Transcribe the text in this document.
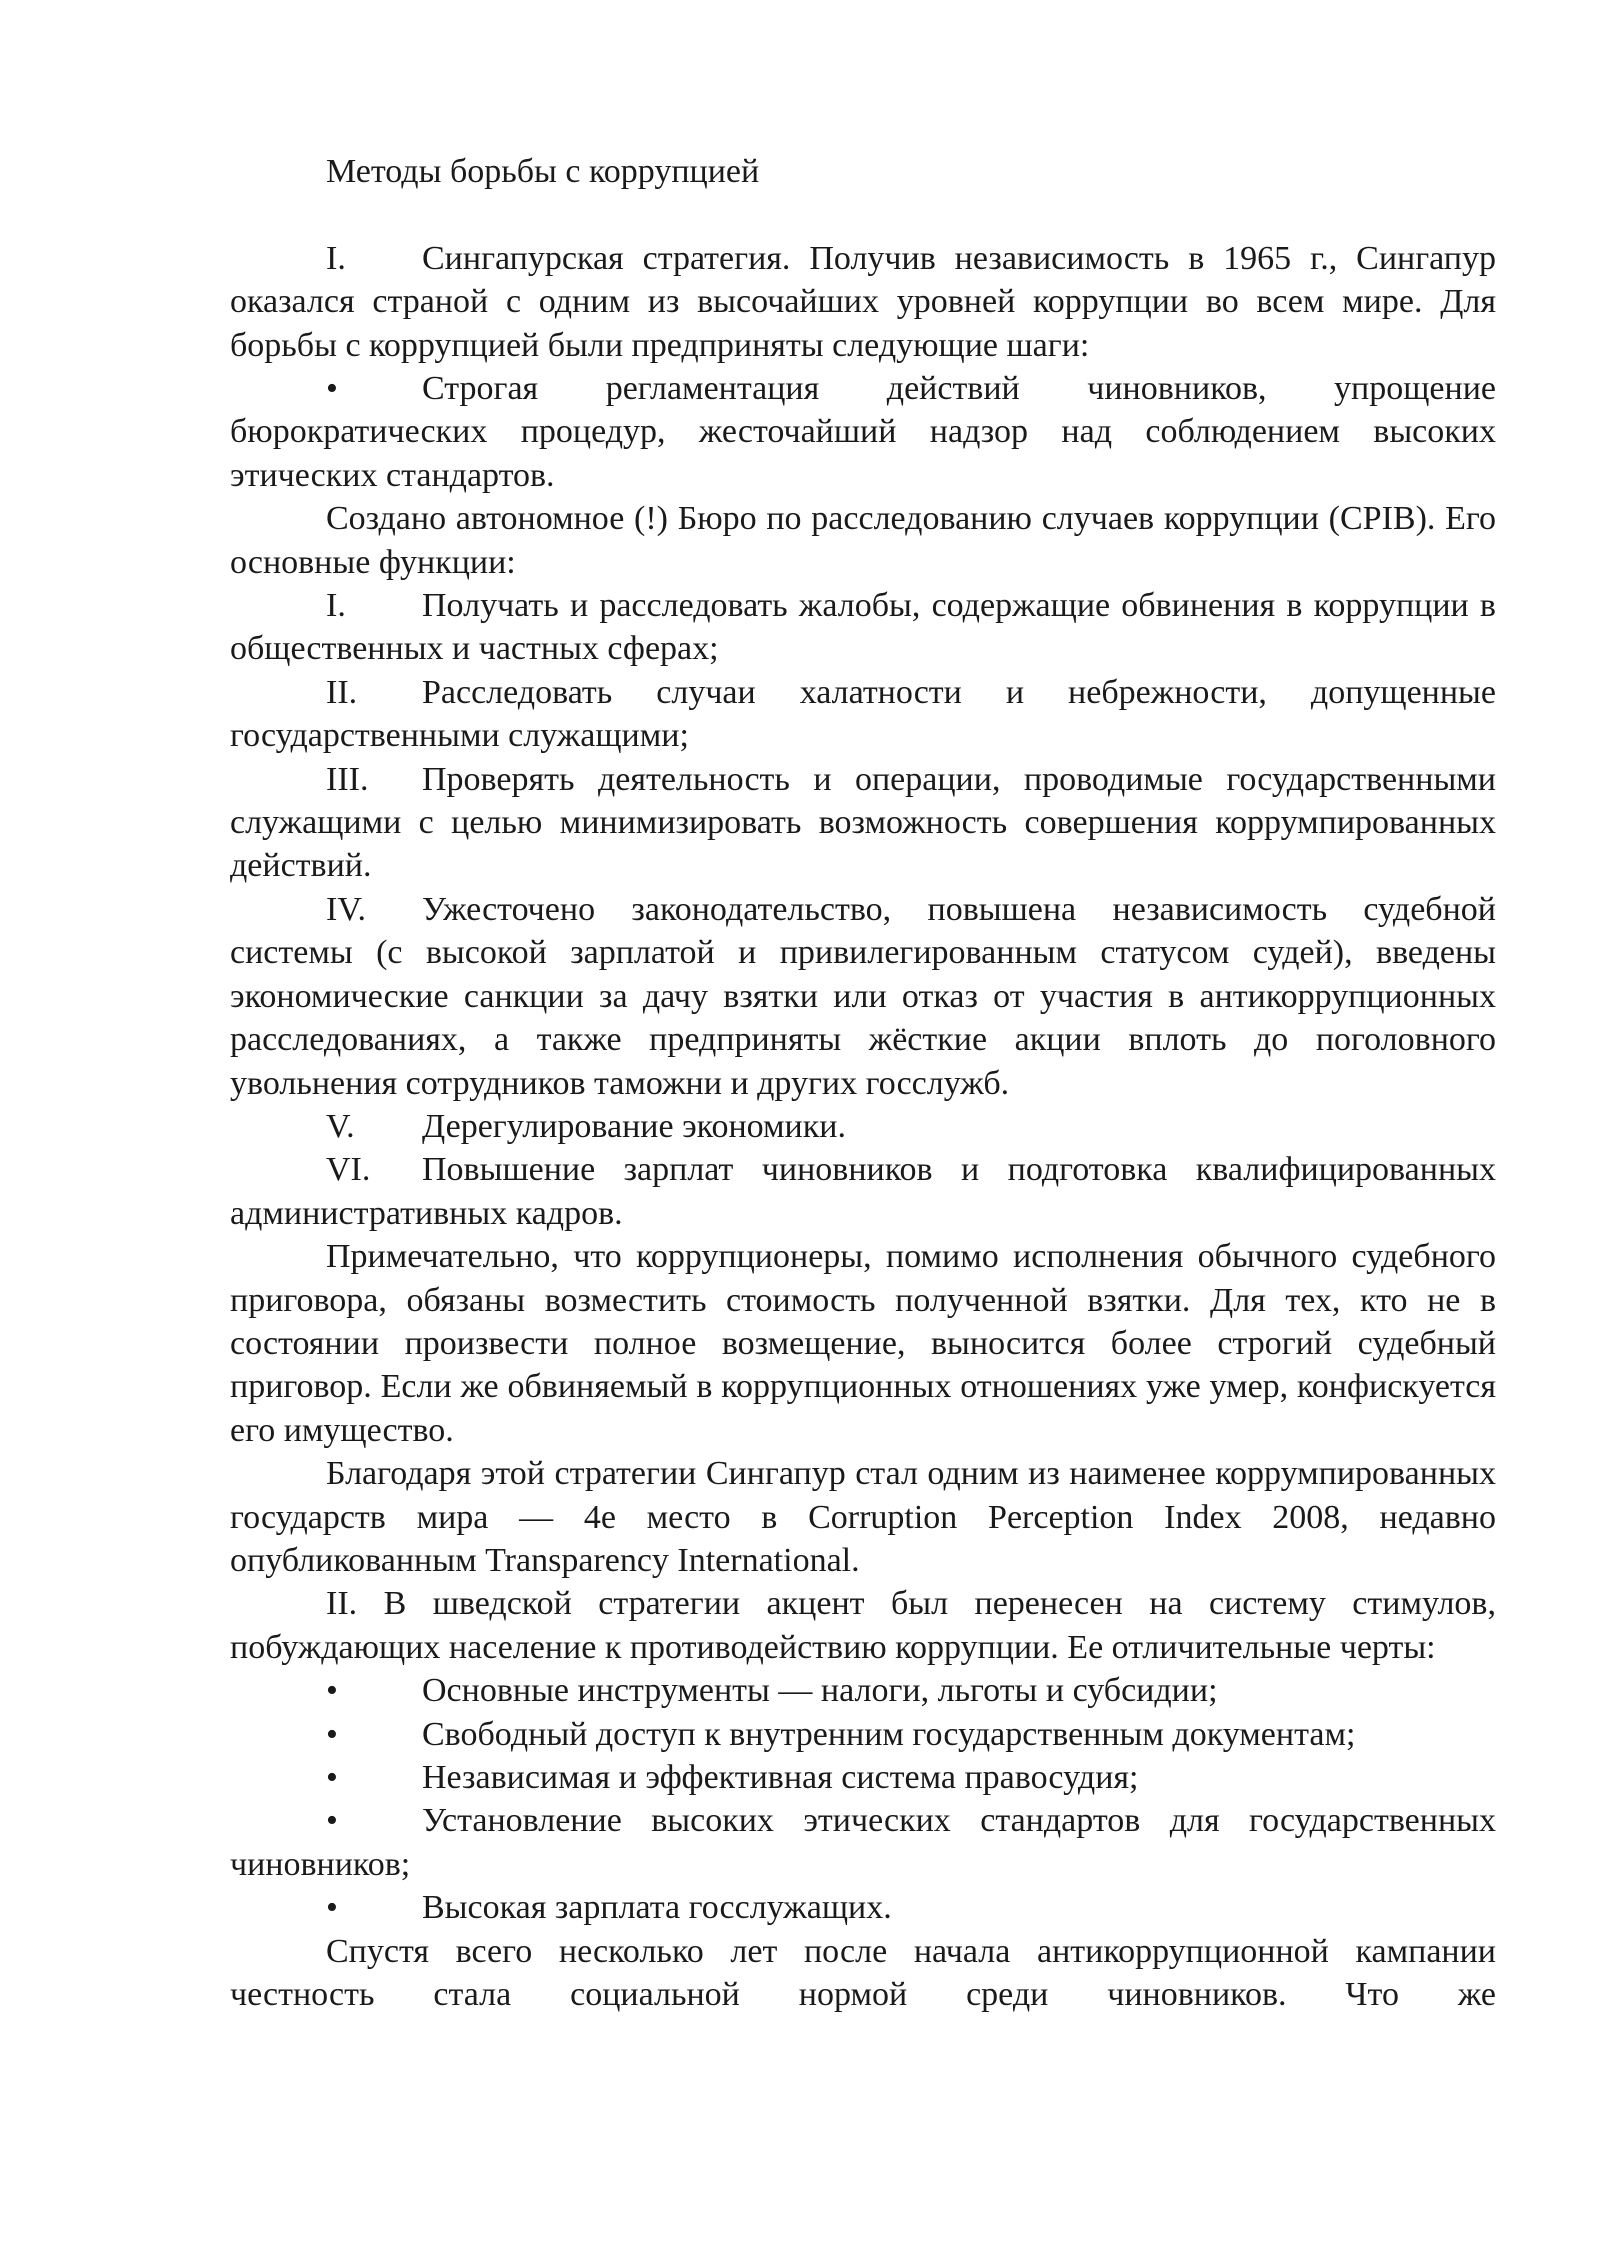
Методы борьбы с коррупцией

I. Сингапурская стратегия. Получив независимость в 1965 г., Сингапур оказался страной с одним из высочайших уровней коррупции во всем мире. Для борьбы с коррупцией были предприняты следующие шаги:

• Строгая регламентация действий чиновников, упрощение бюрократических процедур, жесточайший надзор над соблюдением высоких этических стандартов.

Создано автономное (!) Бюро по расследованию случаев коррупции (CPIB). Его основные функции:

I. Получать и расследовать жалобы, содержащие обвинения в коррупции в общественных и частных сферах;

II. Расследовать случаи халатности и небрежности, допущенные государственными служащими;

III. Проверять деятельность и операции, проводимые государственными служащими с целью минимизировать возможность совершения коррумпированных действий.

IV. Ужесточено законодательство, повышена независимость судебной системы (с высокой зарплатой и привилегированным статусом судей), введены экономические санкции за дачу взятки или отказ от участия в антикоррупционных расследованиях, а также предприняты жёсткие акции вплоть до поголовного увольнения сотрудников таможни и других госслужб.

V. Дерегулирование экономики.

VI. Повышение зарплат чиновников и подготовка квалифицированных административных кадров.

Примечательно, что коррупционеры, помимо исполнения обычного судебного приговора, обязаны возместить стоимость полученной взятки. Для тех, кто не в состоянии произвести полное возмещение, выносится более строгий судебный приговор. Если же обвиняемый в коррупционных отношениях уже умер, конфискуется его имущество.

Благодаря этой стратегии Сингапур стал одним из наименее коррумпированных государств мира — 4е место в Corruption Perception Index 2008, недавно опубликованным Transparency International.

II. В шведской стратегии акцент был перенесен на систему стимулов, побуждающих население к противодействию коррупции. Ее отличительные черты:

• Основные инструменты — налоги, льготы и субсидии;

• Свободный доступ к внутренним государственным документам;

• Независимая и эффективная система правосудия;

• Установление высоких этических стандартов для государственных чиновников;

• Высокая зарплата госслужащих.

Спустя всего несколько лет после начала антикоррупционной кампании честность стала социальной нормой среди чиновников. Что же
